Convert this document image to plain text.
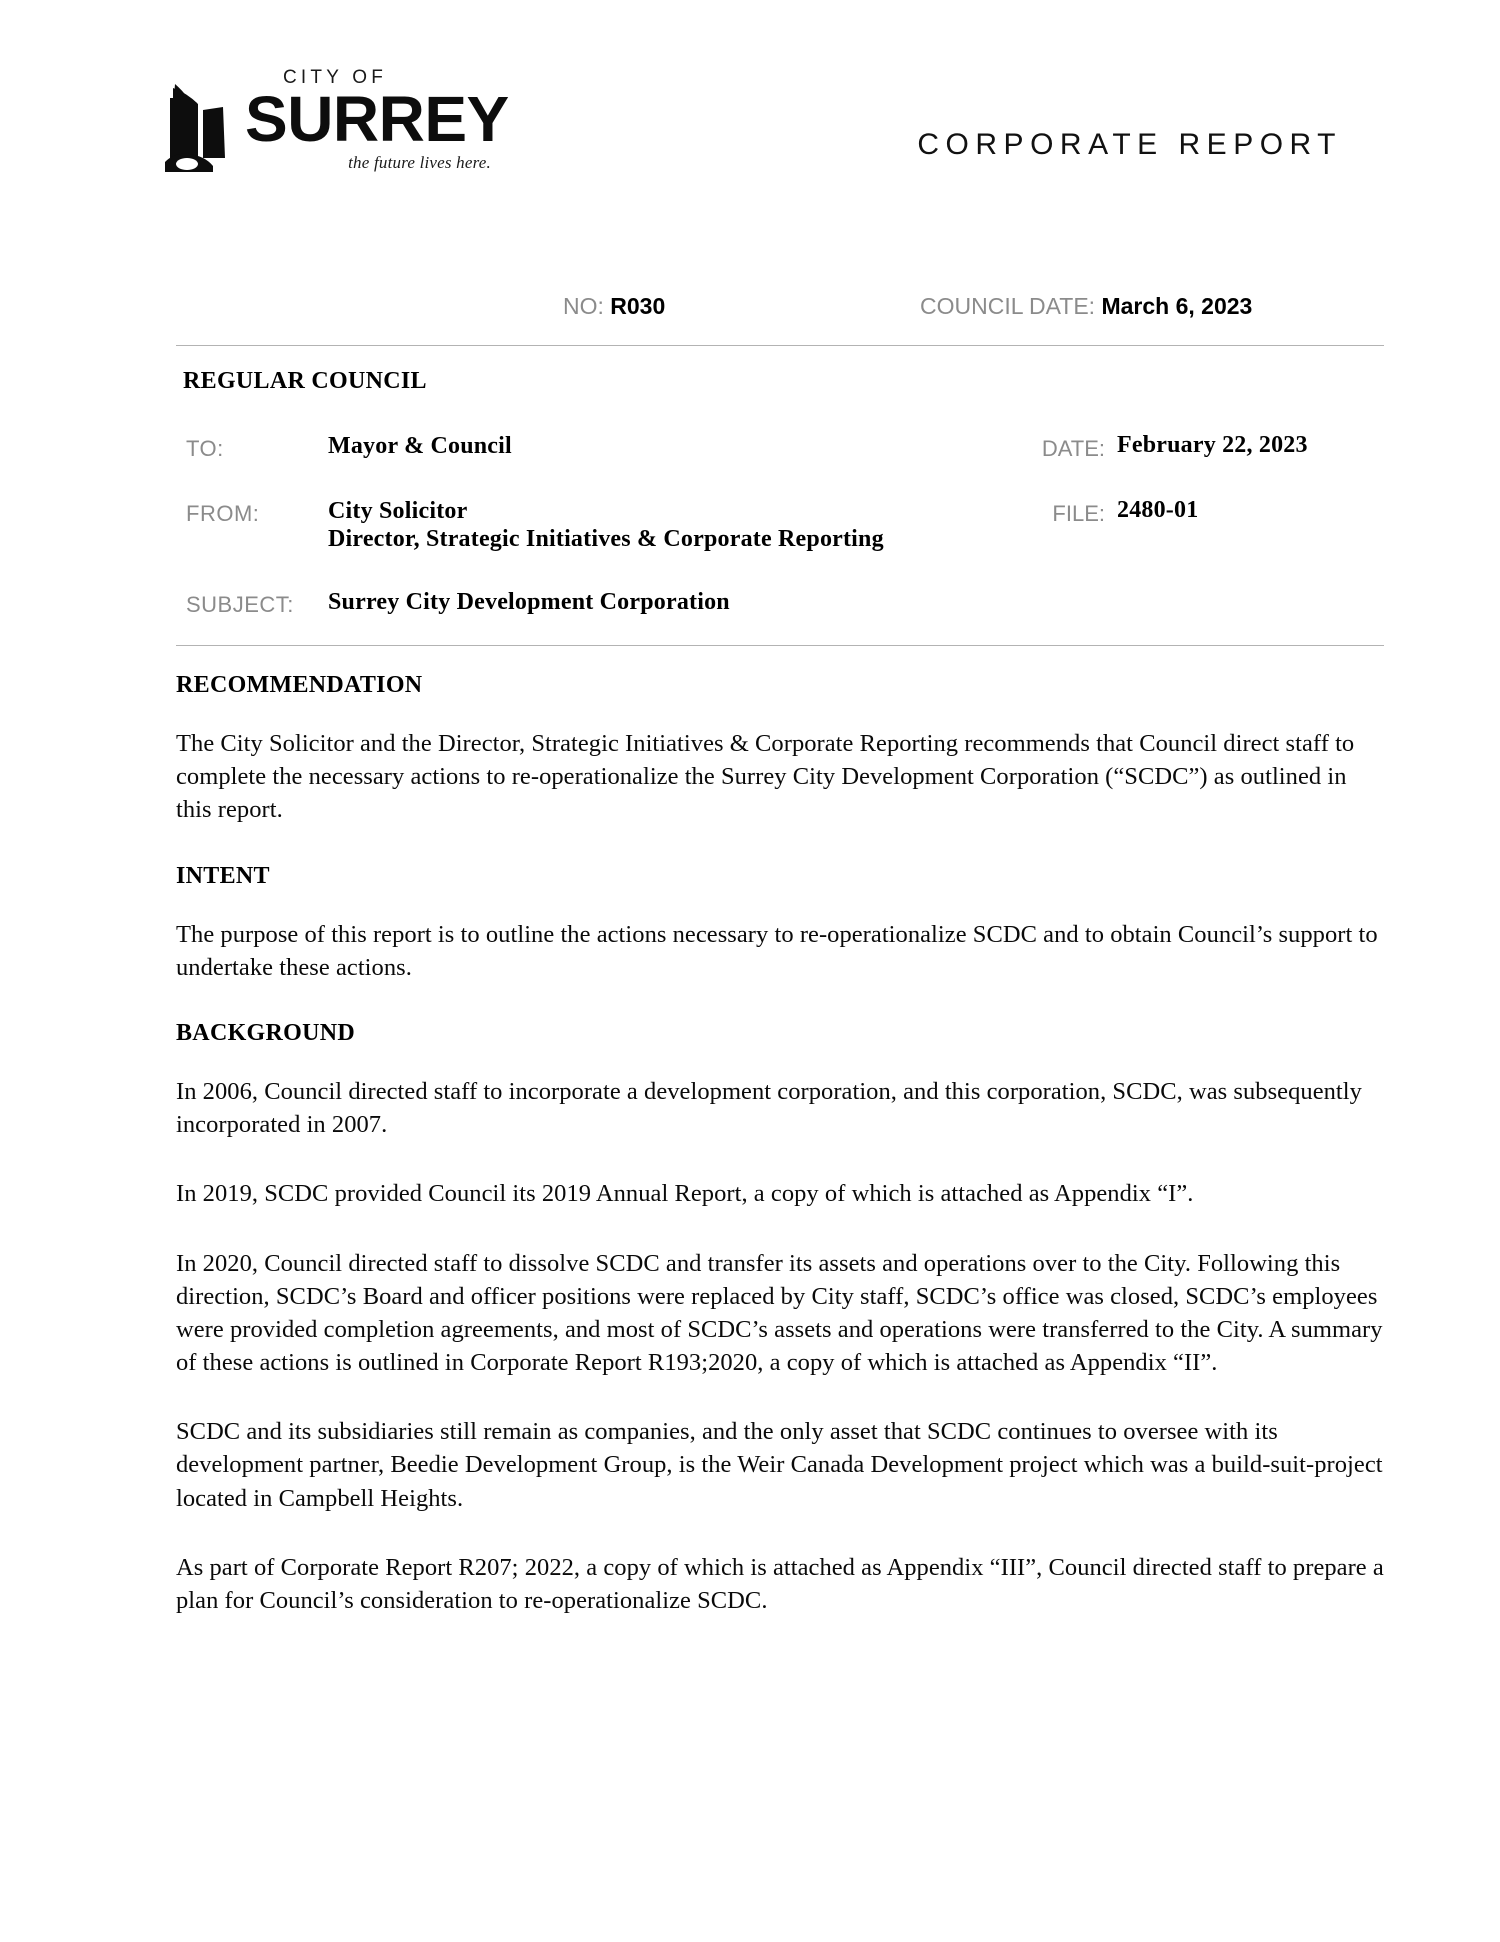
CITY OF
SURREY
the future lives here.
CORPORATE REPORT
NO: R030	COUNCIL DATE: March 6, 2023
REGULAR COUNCIL
TO:	Mayor & Council	DATE: February 22, 2023
FROM:	City Solicitor
Director, Strategic Initiatives & Corporate Reporting
FILE: 2480-01
SUBJECT: Surrey City Development Corporation
RECOMMENDATION

The City Solicitor and the Director, Strategic Initiatives & Corporate Reporting recommends that Council direct staff to complete the necessary actions to re-operationalize the Surrey City Development Corporation (“SCDC”) as outlined in this report.

INTENT

The purpose of this report is to outline the actions necessary to re-operationalize SCDC and to obtain Council’s support to undertake these actions.

BACKGROUND

In 2006, Council directed staff to incorporate a development corporation, and this corporation, SCDC, was subsequently incorporated in 2007.

In 2019, SCDC provided Council its 2019 Annual Report, a copy of which is attached as Appendix “I”.

In 2020, Council directed staff to dissolve SCDC and transfer its assets and operations over to the City. Following this direction, SCDC’s Board and officer positions were replaced by City staff, SCDC’s office was closed, SCDC’s employees were provided completion agreements, and most of SCDC’s assets and operations were transferred to the City. A summary of these actions is outlined in Corporate Report R193;2020, a copy of which is attached as Appendix “II”.

SCDC and its subsidiaries still remain as companies, and the only asset that SCDC continues to oversee with its development partner, Beedie Development Group, is the Weir Canada Development project which was a build-suit-project located in Campbell Heights.

As part of Corporate Report R207; 2022, a copy of which is attached as Appendix “III”, Council directed staff to prepare a plan for Council’s consideration to re-operationalize SCDC.
